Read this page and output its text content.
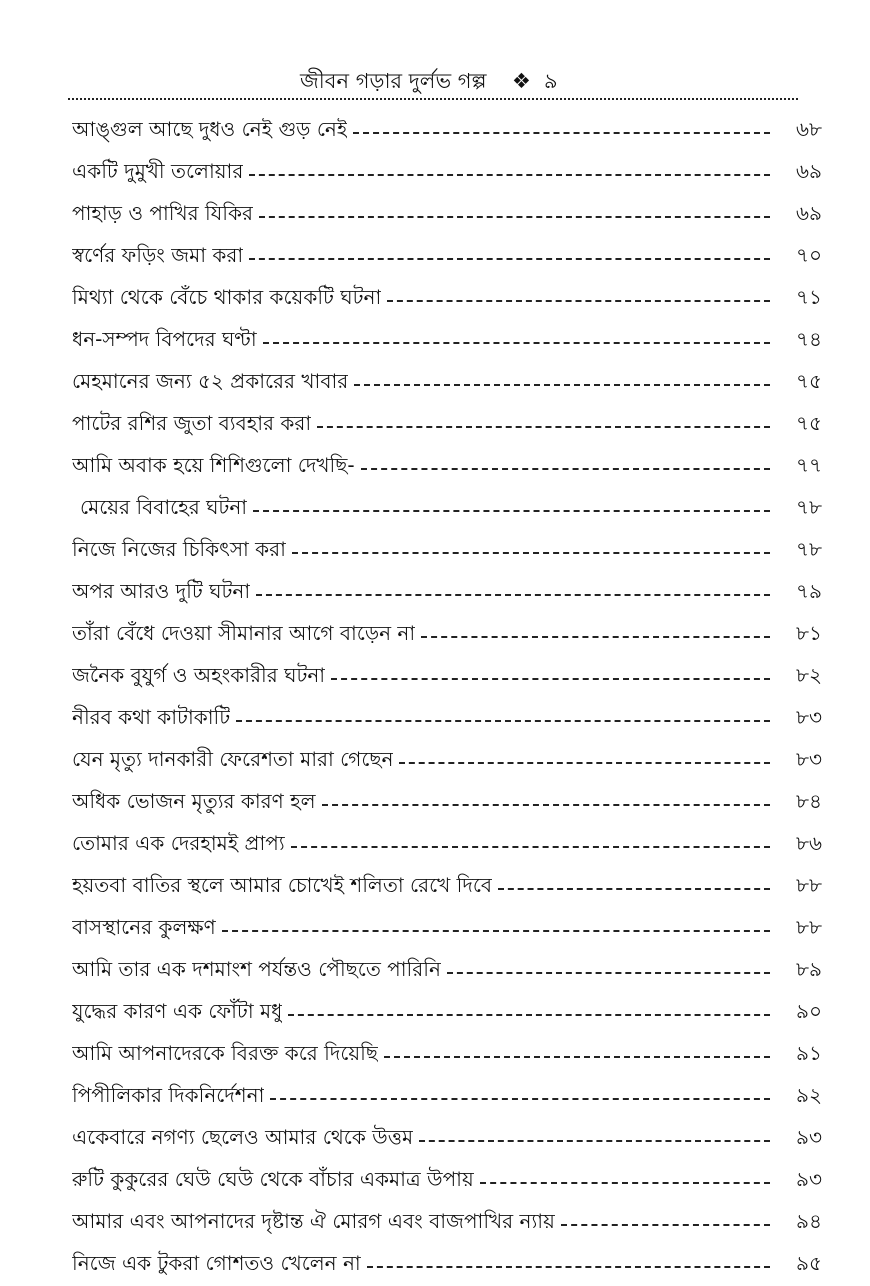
জীবন গড়ার দুর্লভ গল্প ❖ ৯
আঙ্গুল আছে দুধও নেই গুড় নেই	৬৮
একটি দুমুখী তলোয়ার	৬৯
পাহাড় ও পাখির যিকির	৬৯
স্বর্ণের ফড়িং জমা করা	৭০
মিথ্যা থেকে বেঁচে থাকার কয়েকটি ঘটনা	৭১
ধন-সম্পদ বিপদের ঘণ্টা	৭৪
মেহমানের জন্য ৫২ প্রকারের খাবার	৭৫
পাটের রশির জুতা ব্যবহার করা	৭৫
আমি অবাক হয়ে শিশিগুলো দেখছি-	৭৭
মেয়ের বিবাহের ঘটনা	৭৮
নিজে নিজের চিকিৎসা করা	৭৮
অপর আরও দুটি ঘটনা	৭৯
তাঁরা বেঁধে দেওয়া সীমানার আগে বাড়েন না	৮১
জনৈক বুযুর্গ ও অহংকারীর ঘটনা	৮২
নীরব কথা কাটাকাটি	৮৩
যেন মৃত্যু দানকারী ফেরেশতা মারা গেছেন	৮৩
অধিক ভোজন মৃত্যুর কারণ হল	৮৪
তোমার এক দেরহামই প্রাপ্য	৮৬
হয়তবা বাতির স্থলে আমার চোখেই শলিতা রেখে দিবে	৮৮
বাসস্থানের কুলক্ষণ	৮৮
আমি তার এক দশমাংশ পর্যন্তও পৌছতে পারিনি	৮৯
যুদ্ধের কারণ এক ফোঁটা মধু	৯০
আমি আপনাদেরকে বিরক্ত করে দিয়েছি	৯১
পিপীলিকার দিকনির্দেশনা	৯২
একেবারে নগণ্য ছেলেও আমার থেকে উত্তম	৯৩
রুটি কুকুরের ঘেউ ঘেউ থেকে বাঁচার একমাত্র উপায়	৯৩
আমার এবং আপনাদের দৃষ্টান্ত ঐ মোরগ এবং বাজপাখির ন্যায়	৯৪
নিজে এক টুকরা গোশতও খেলেন না	৯৫
